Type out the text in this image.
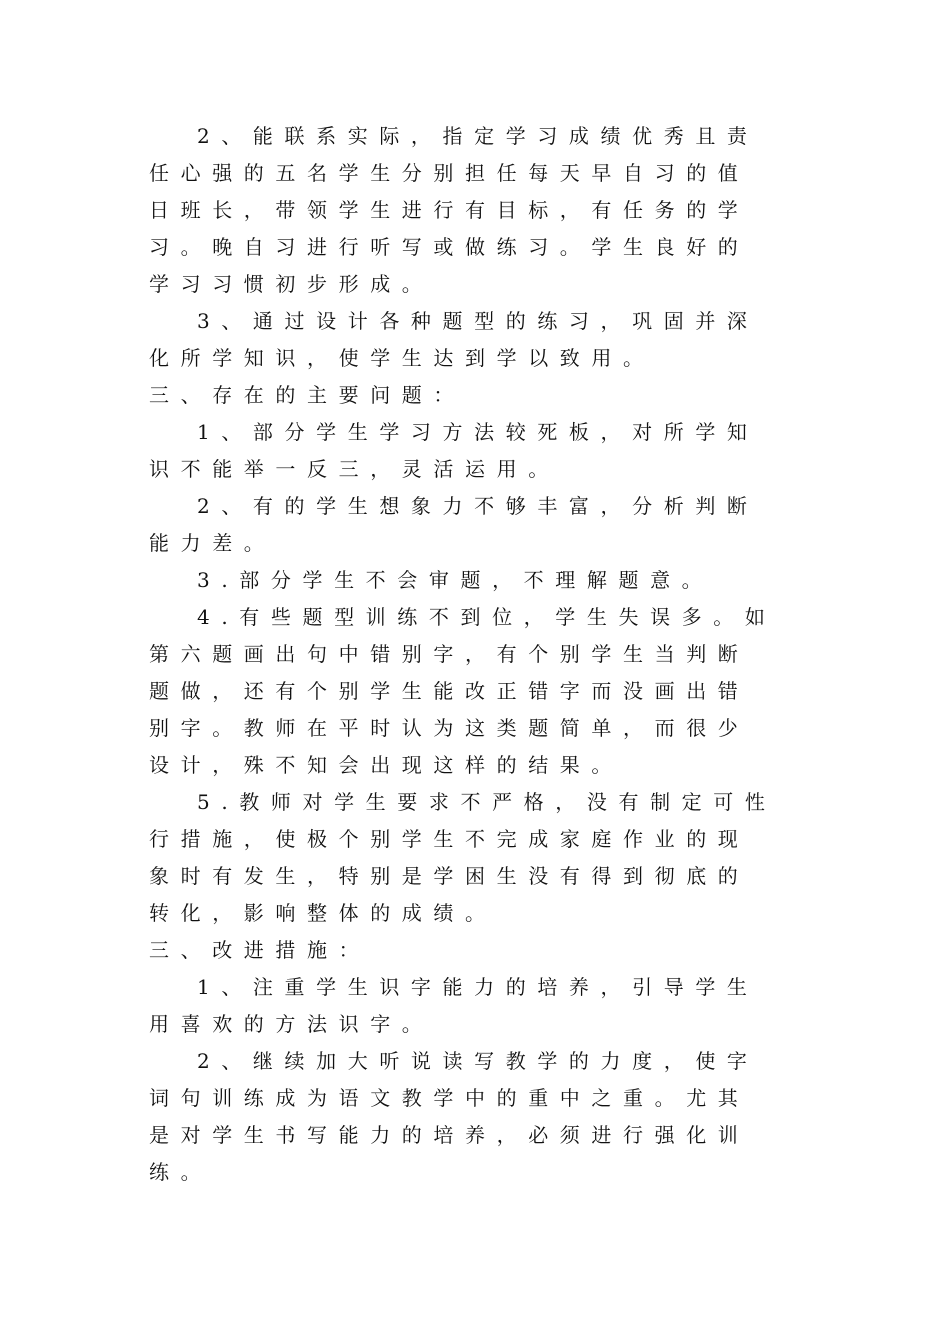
2、能联系实际，指定学习成绩优秀且责
任心强的五名学生分别担任每天早自习的值
日班长，带领学生进行有目标，有任务的学
习。晚自习进行听写或做练习。学生良好的
学习习惯初步形成。
3、通过设计各种题型的练习，巩固并深
化所学知识，使学生达到学以致用。
三、存在的主要问题：
1、部分学生学习方法较死板，对所学知
识不能举一反三，灵活运用。
2、有的学生想象力不够丰富，分析判断
能力差。
3.部分学生不会审题，不理解题意。
4.有些题型训练不到位，学生失误多。如
第六题画出句中错别字，有个别学生当判断
题做，还有个别学生能改正错字而没画出错
别字。教师在平时认为这类题简单，而很少
设计，殊不知会出现这样的结果。
5.教师对学生要求不严格，没有制定可性
行措施，使极个别学生不完成家庭作业的现
象时有发生，特别是学困生没有得到彻底的
转化，影响整体的成绩。
三、改进措施：
1、注重学生识字能力的培养，引导学生
用喜欢的方法识字。
2、继续加大听说读写教学的力度，使字
词句训练成为语文教学中的重中之重。尤其
是对学生书写能力的培养，必须进行强化训
练。
